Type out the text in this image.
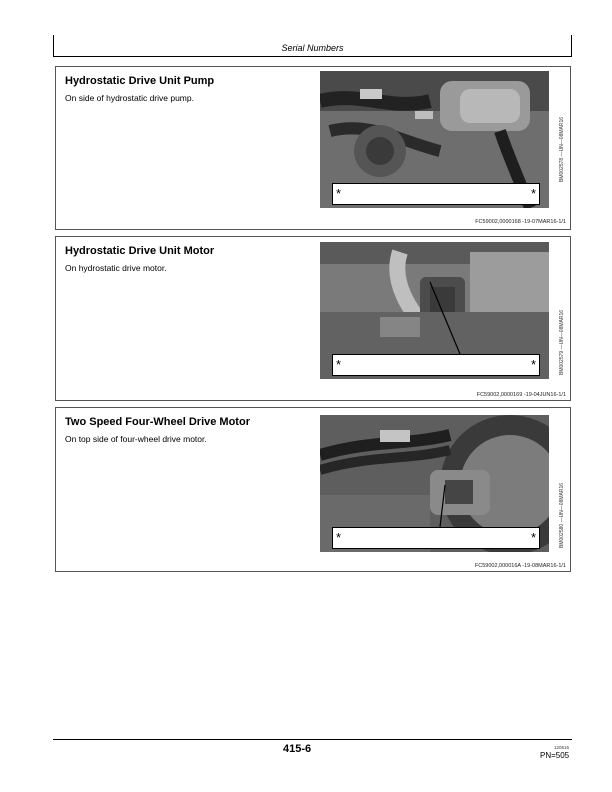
Serial Numbers
Hydrostatic Drive Unit Pump

On side of hydrostatic drive pump.

*	*
BM002578 —UN—08MAR16
FC59002,0000168 -19-07MAR16-1/1
Hydrostatic Drive Unit Motor

On hydrostatic drive motor.

*	*	BM002579 —UN—08MAR16
FC59002,0000169 -19-04JUN16-1/1
Two Speed Four-Wheel Drive Motor

On top side of four-wheel drive motor.

*	*	BM002580 —UN—08MAR16
FC59002,000016A -19-08MAR16-1/1
415-6	120516
PN=505
